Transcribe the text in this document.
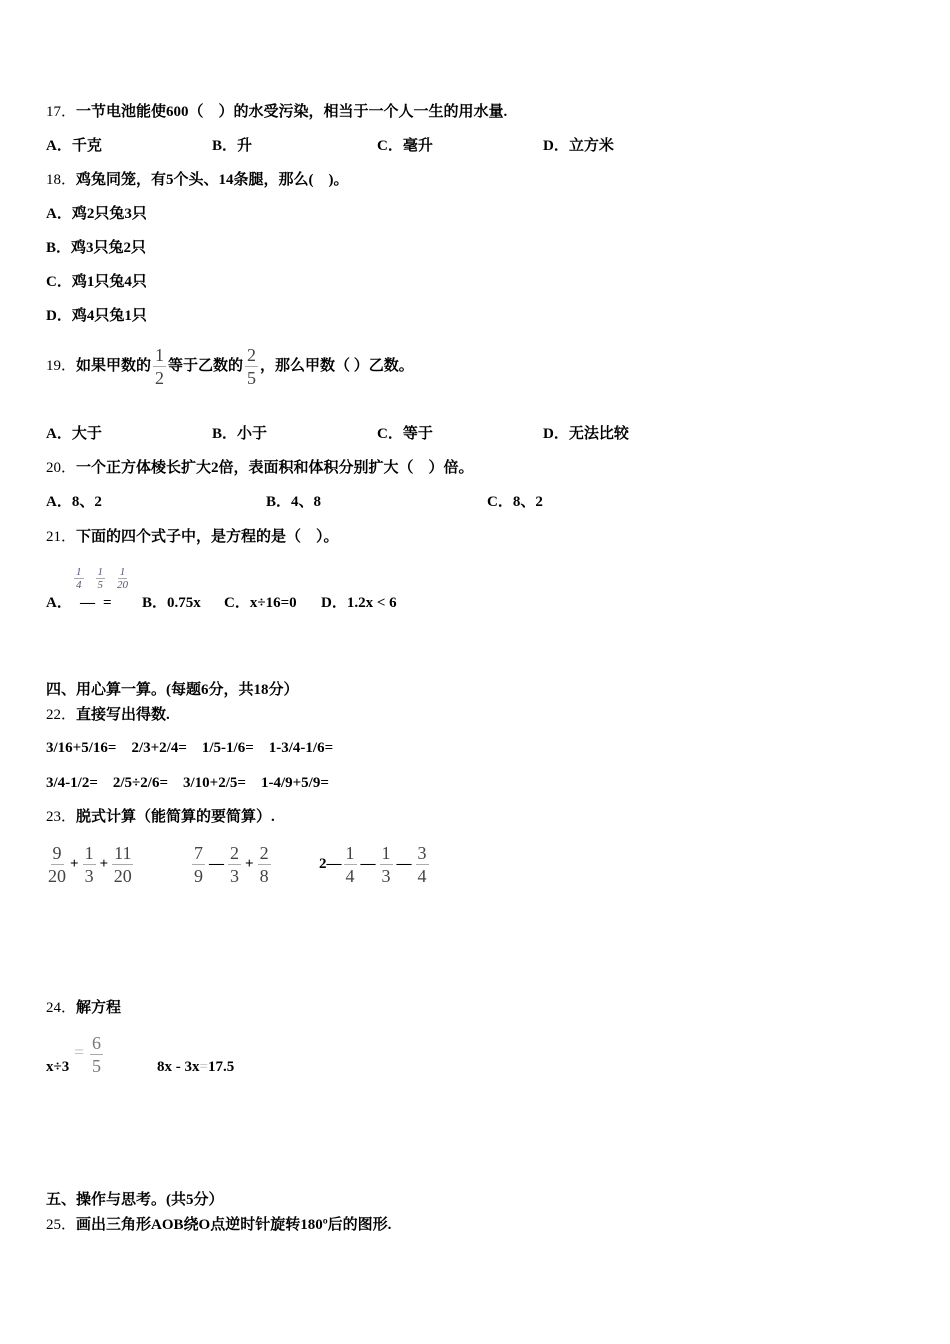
17．一节电池能使600（　）的水受污染，相当于一个人一生的用水量.
A．千克	B．升	C．毫升	D．立方米
18．鸡兔同笼，有5个头、14条腿，那么(　)。
A．鸡2只兔3只
B．鸡3只兔2只
C．鸡1只兔4只
D．鸡4只兔1只
19．如果甲数的 $\frac{1}{2}$ 等于乙数的 $\frac{2}{5}$ ，那么甲数（ ）乙数。
A．大于	B．小于	C．等于	D．无法比较
20．一个正方体棱长扩大2倍，表面积和体积分别扩大（　）倍。
A．8、2	B．4、8	C．8、2
21．下面的四个式子中，是方程的是（　）。
A．
$\frac{1}{4} \frac{1}{5} \frac{1}{20}$
— = B．0.75x C．x÷16=0 D．1.2x < 6
四、用心算一算。(每题6分，共18分）
22．直接写出得数.
3/16+5/16= 2/3+2/4= 1/5-1/6= 1-3/4-1/6=
3/4-1/2= 2/5÷2/6= 3/10+2/5= 1-4/9+5/9=
23．脱式计算（能简算的要简算）.
$\frac{9}{20} + \frac{1}{3} + \frac{11}{20}$	$\frac{7}{9}$ — $\frac{2}{3} + \frac{2}{8}$	2— $\frac{1}{4}$ — $\frac{1}{3}$ — $\frac{3}{4}$
24．解方程
x÷3
= $\frac{6}{5}$	8x - 3x=17.5
五、操作与思考。(共5分）
25．画出三角形AOB绕O点逆时针旋转180º后的图形.
